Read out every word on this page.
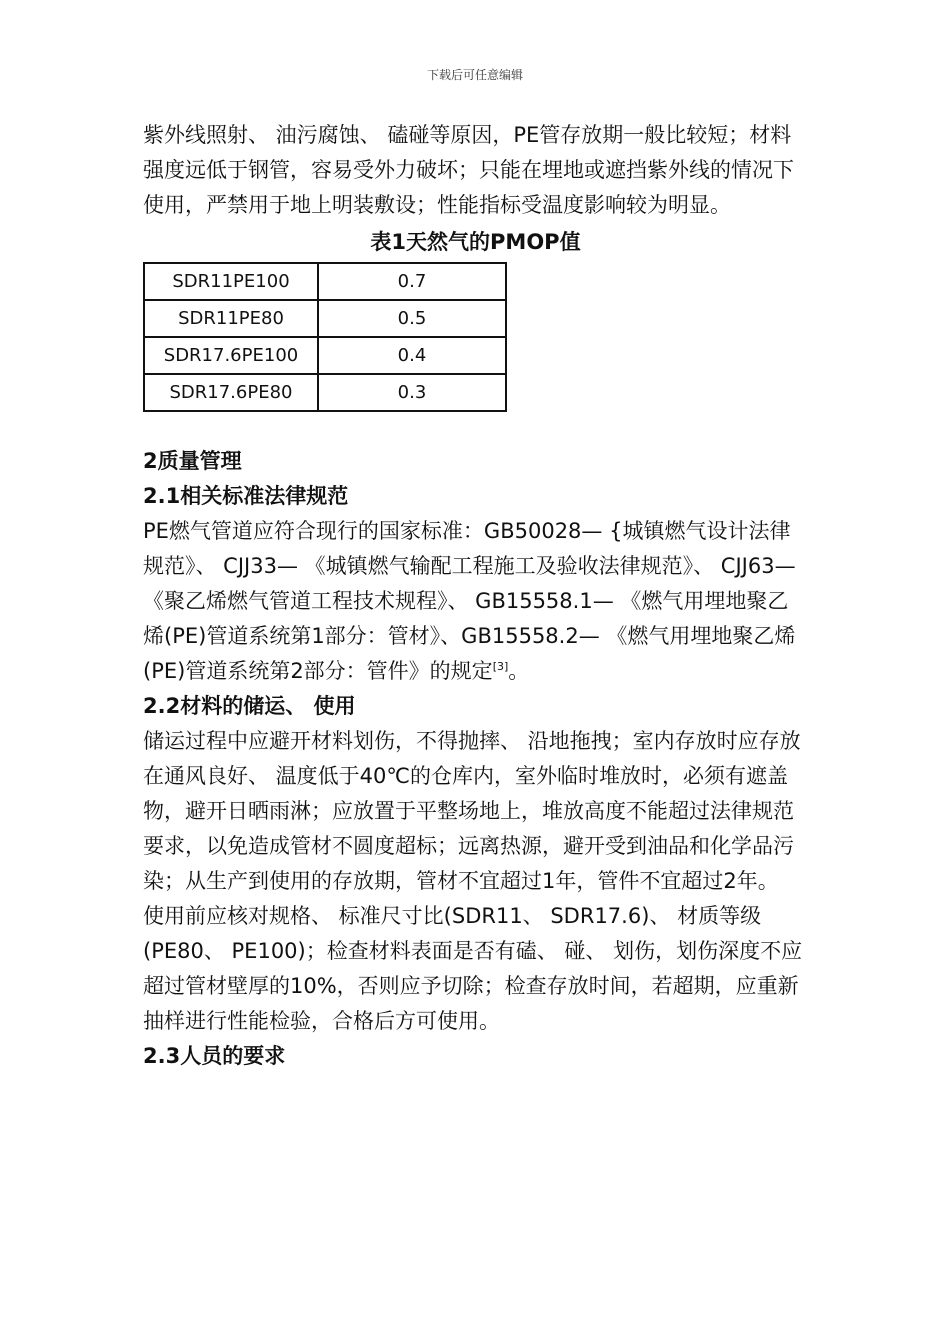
下载后可任意编辑

紫外线照射、 油污腐蚀、 磕碰等原因，PE管存放期一般比较短；材料强度远低于钢管，容易受外力破坏；只能在埋地或遮挡紫外线的情况下使用，严禁用于地上明装敷设；性能指标受温度影响较为明显。

表1天然气的PMOP值
SDR11PE100	0.7
SDR11PE80	0.5
SDR17.6PE100	0.4
SDR17.6PE80	0.3

2质量管理

2.1相关标准法律规范

PE燃气管道应符合现行的国家标准：GB50028— {城镇燃气设计法律规范》、 CJJ33— 《城镇燃气输配工程施工及验收法律规范》、 CJJ63— 《聚乙烯燃气管道工程技术规程》、 GB15558.1— 《燃气用埋地聚乙烯(PE)管道系统第1部分：管材》、GB15558.2— 《燃气用埋地聚乙烯(PE)管道系统第2部分：管件》的规定[3]。

2.2材料的储运、 使用

储运过程中应避开材料划伤，不得抛摔、 沿地拖拽；室内存放时应存放在通风良好、 温度低于40℃的仓库内，室外临时堆放时，必须有遮盖物，避开日晒雨淋；应放置于平整场地上，堆放高度不能超过法律规范要求，以免造成管材不圆度超标；远离热源，避开受到油品和化学品污染；从生产到使用的存放期，管材不宜超过1年，管件不宜超过2年。

使用前应核对规格、 标准尺寸比(SDR11、 SDR17.6)、 材质等级(PE80、 PE100)；检查材料表面是否有磕、 碰、 划伤，划伤深度不应超过管材壁厚的10%，否则应予切除；检查存放时间，若超期，应重新抽样进行性能检验，合格后方可使用。

2.3人员的要求
